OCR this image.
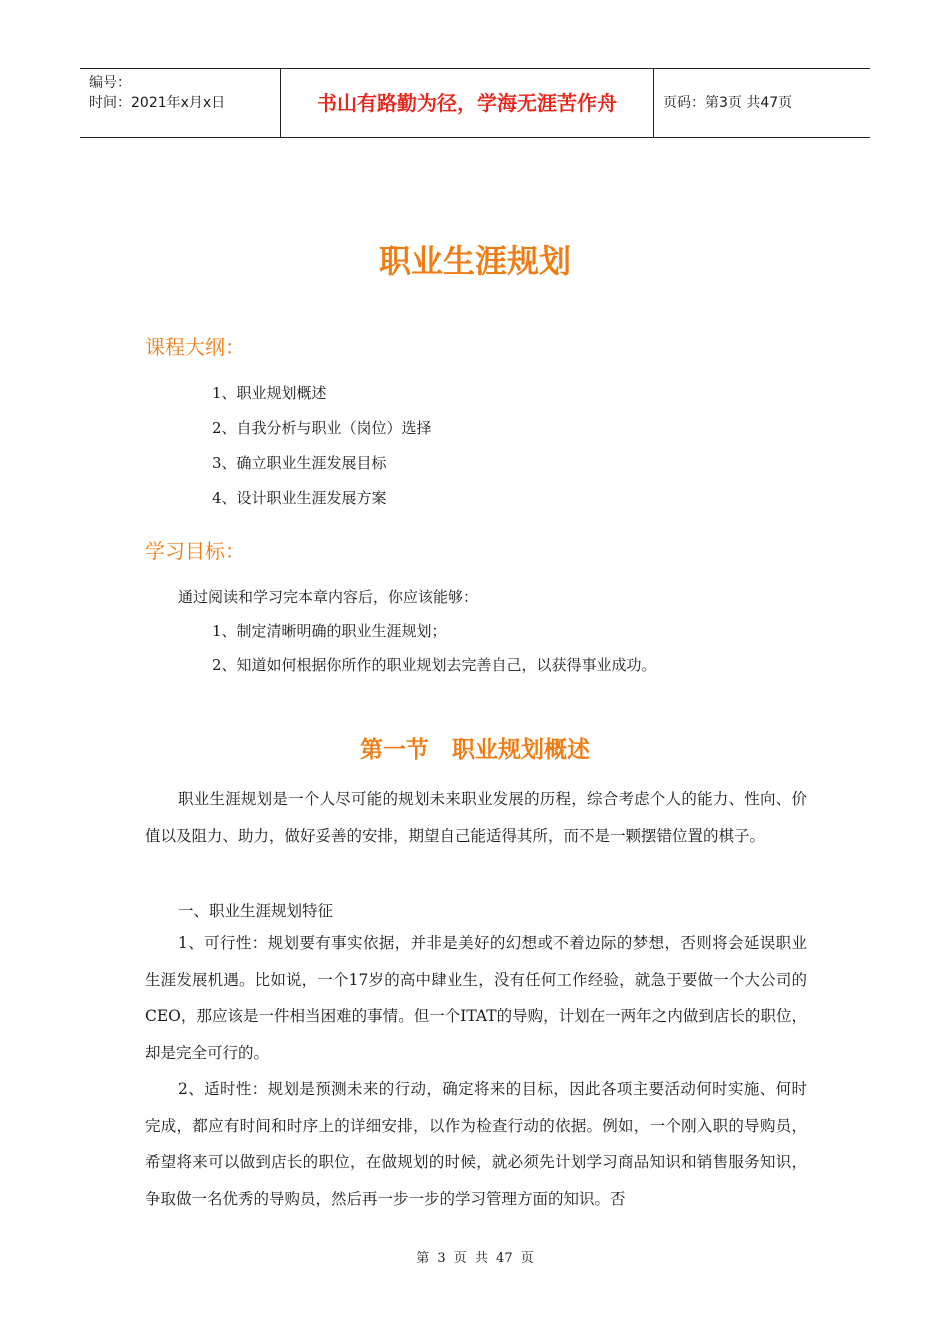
编号：
时间：2021年x月x日	书山有路勤为径，学海无涯苦作舟	页码：第3页 共47页
职业生涯规划
课程大纲：
1、职业规划概述
2、自我分析与职业（岗位）选择
3、确立职业生涯发展目标
4、设计职业生涯发展方案
学习目标：
通过阅读和学习完本章内容后，你应该能够：
1、制定清晰明确的职业生涯规划；
2、知道如何根据你所作的职业规划去完善自己，以获得事业成功。
第一节　职业规划概述
职业生涯规划是一个人尽可能的规划未来职业发展的历程，综合考虑个人的能力、性向、价值以及阻力、助力，做好妥善的安排，期望自己能适得其所，而不是一颗摆错位置的棋子。
一、职业生涯规划特征
1、可行性：规划要有事实依据，并非是美好的幻想或不着边际的梦想，否则将会延误职业生涯发展机遇。比如说，一个17岁的高中肆业生，没有任何工作经验，就急于要做一个大公司的CEO，那应该是一件相当困难的事情。但一个ITAT的导购，计划在一两年之内做到店长的职位，却是完全可行的。
2、适时性：规划是预测未来的行动，确定将来的目标，因此各项主要活动何时实施、何时完成，都应有时间和时序上的详细安排，以作为检查行动的依据。例如，一个刚入职的导购员，希望将来可以做到店长的职位，在做规划的时候，就必须先计划学习商品知识和销售服务知识，争取做一名优秀的导购员，然后再一步一步的学习管理方面的知识。否
第 3 页 共 47 页
